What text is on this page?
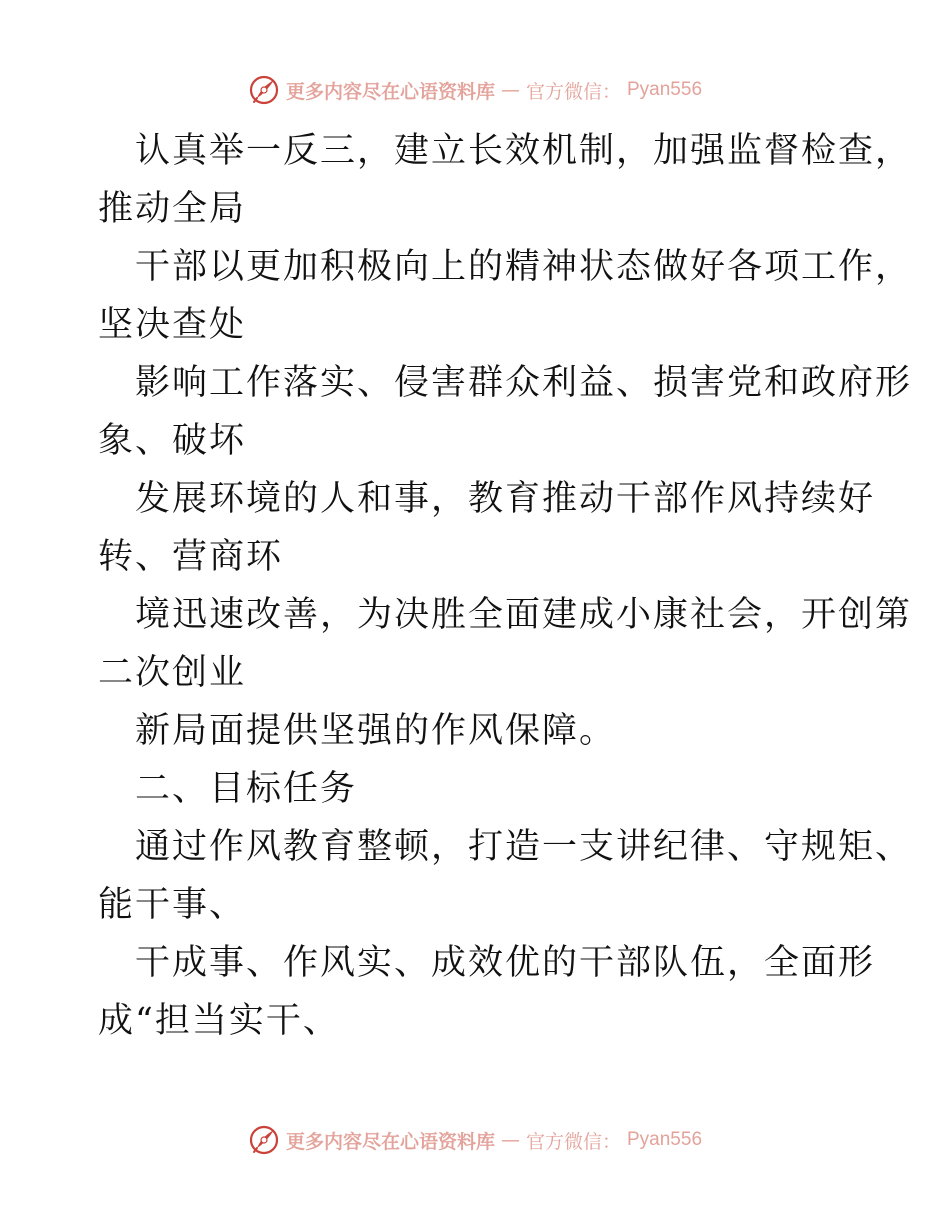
更多内容尽在心语资料库 — 官方微信： Pyan556
认真举一反三，建立长效机制，加强监督检查，
推动全局
干部以更加积极向上的精神状态做好各项工作，
坚决查处
影响工作落实、侵害群众利益、损害党和政府形
象、破坏
发展环境的人和事，教育推动干部作风持续好
转、营商环
境迅速改善，为决胜全面建成小康社会，开创第
二次创业
新局面提供坚强的作风保障。
二、目标任务
通过作风教育整顿，打造一支讲纪律、守规矩、
能干事、
干成事、作风实、成效优的干部队伍，全面形
成“担当实干、
更多内容尽在心语资料库 — 官方微信： Pyan556
